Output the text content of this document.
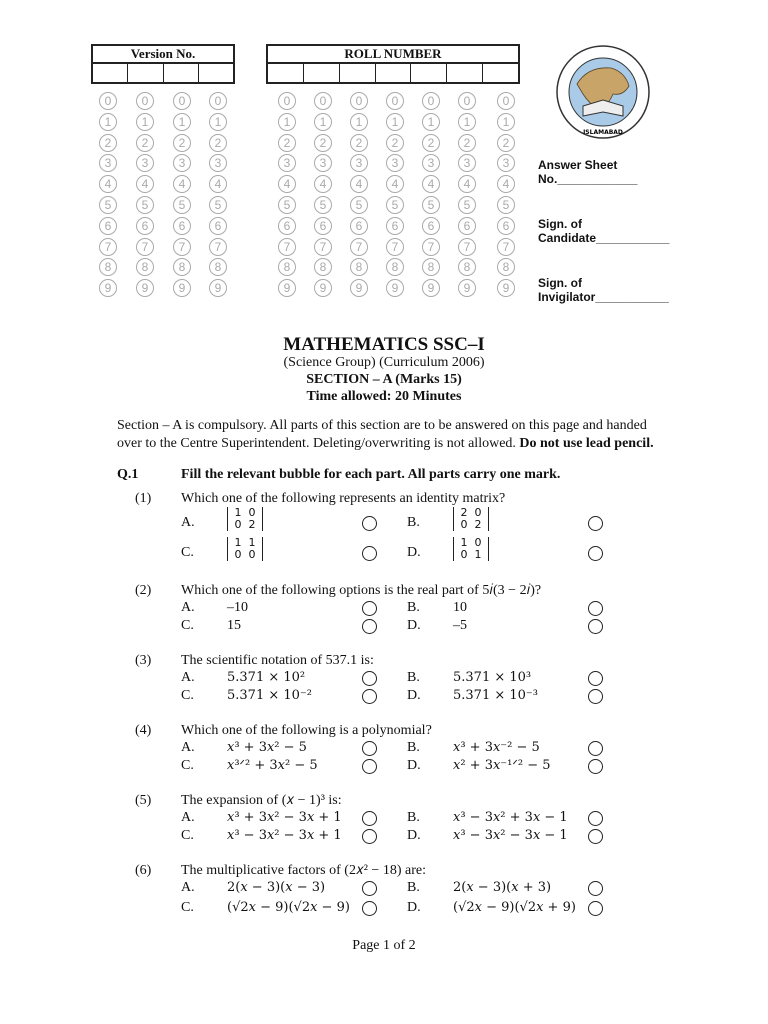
Version No.	ROLL NUMBER
0	0	0	0	0	0	0	0	0	0	0
1	1	1	1	1	1	1	1	1	1	1
2	2	2	2	2	2	2	2	2	2	2
3	3	3	3	3	3	3	3	3	3	3
4	4	4	4	4	4	4	4	4	4	4
5	5	5	5	5	5	5	5	5	5	5
6	6	6	6	6	6	6	6	6	6	6
7	7	7	7	7	7	7	7	7	7	7
8	8	8	8	8	8	8	8	8	8	8
9	9	9	9	9	9	9	9	9	9	9
ISLAMABAD
Answer Sheet
No.____________
Sign. of
Candidate___________
Sign. of
Invigilator___________
MATHEMATICS SSC–I
(Science Group) (Curriculum 2006)
SECTION – A (Marks 15)
Time allowed: 20 Minutes
Section – A is compulsory. All parts of this section are to be answered on this page and handed
over to the Centre Superintendent. Deleting/overwriting is not allowed. Do not use lead pencil.
Q.1	Fill the relevant bubble for each part. All parts carry one mark.
(1) Which one of the following represents an identity matrix?
A.
1 0
0 2	B.
2 0
0 2
C.
1 1
0 0	D.
1 0
0 1
(2) Which one of the following options is the real part of 5𝑖(3 − 2𝑖)?
A. –10	B. 10
C. 15	D. –5
(3) The scientific notation of 537.1 is:
A. 5.371 × 10²	B.	5.371 × 10³
C.	5.371 × 10⁻²	D. 5.371 × 10⁻³
(4) Which one of the following is a polynomial?
A. 𝑥³ + 3𝑥² − 5	B.	𝑥³ + 3𝑥⁻² − 5
C.	𝑥³ᐟ² + 3𝑥² − 5	D. 𝑥² + 3𝑥⁻¹ᐟ² − 5
(5) The expansion of (𝑥 − 1)³ is:
A. 𝑥³ + 3𝑥² − 3𝑥 + 1	B.	𝑥³ − 3𝑥² + 3𝑥 − 1
C.	𝑥³ − 3𝑥² − 3𝑥 + 1	D. 𝑥³ − 3𝑥² − 3𝑥 − 1
(6) The multiplicative factors of (2𝑥² − 18) are:
A. 2(𝑥 − 3)(𝑥 − 3)	B.	2(𝑥 − 3)(𝑥 + 3)
C.	(√2𝑥 − 9)(√2𝑥 − 9)	D. (√2𝑥 − 9)(√2𝑥 + 9)
Page 1 of 2
